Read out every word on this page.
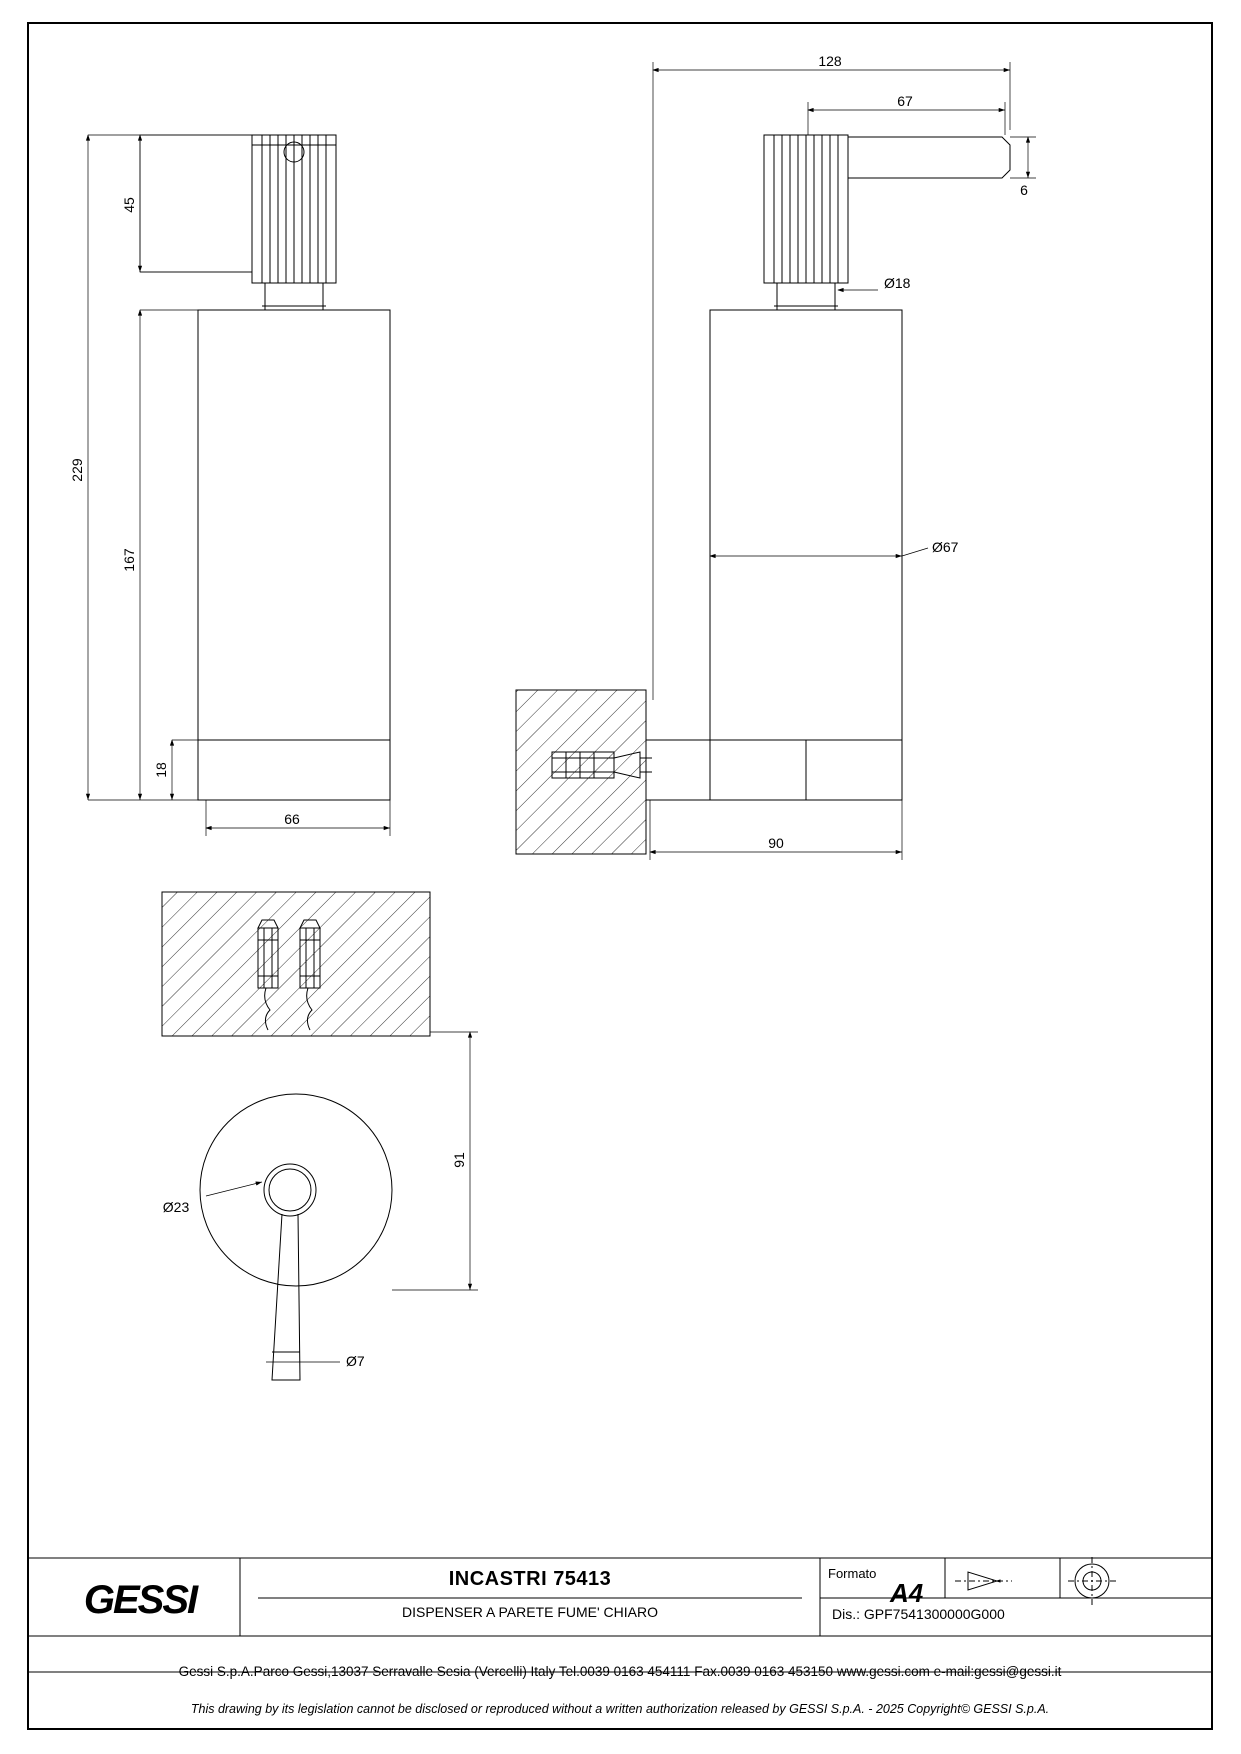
229
167
45
18
66
128
67
6
Ø18
Ø67
90
91
Ø23
Ø7
GESSI	INCASTRI 75413
DISPENSER A PARETE FUME' CHIARO
Formato
A4
Dis.: GPF7541300000G000
Gessi S.p.A.Parco Gessi,13037 Serravalle Sesia (Vercelli) Italy Tel.0039 0163 454111 Fax.0039 0163 453150 www.gessi.com e-mail:gessi@gessi.it
This drawing by its legislation cannot be disclosed or reproduced without a written authorization released by GESSI S.p.A. - 2025 Copyright© GESSI S.p.A.
